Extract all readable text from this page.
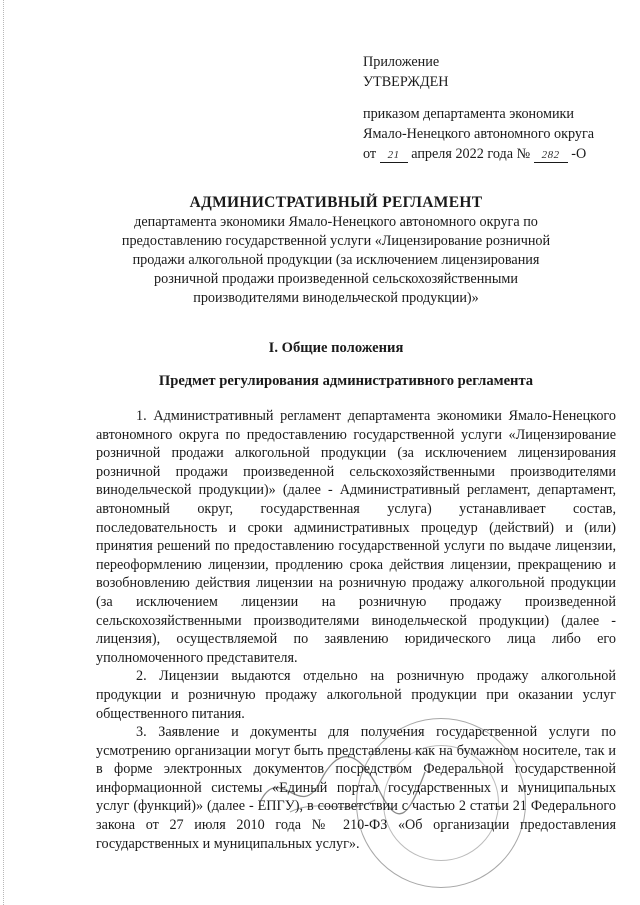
Приложение
УТВЕРЖДЕН
приказом департамента экономики
Ямало-Ненецкого автономного округа
от 21 апреля 2022 года № 282 -О
АДМИНИСТРАТИВНЫЙ РЕГЛАМЕНТ
департамента экономики Ямало-Ненецкого автономного округа по
предоставлению государственной услуги «Лицензирование розничной
продажи алкогольной продукции (за исключением лицензирования
розничной продажи произведенной сельскохозяйственными
производителями винодельческой продукции)»
I. Общие положения
Предмет регулирования административного регламента

1. Административный регламент департамента экономики Ямало-Ненецкого автономного округа по предоставлению государственной услуги «Лицензирование розничной продажи алкогольной продукции (за исключением лицензирования розничной продажи произведенной сельскохозяйственными производителями винодельческой продукции)» (далее - Административный регламент, департамент, автономный округ, государственная услуга) устанавливает состав, последовательность и сроки административных процедур (действий) и (или) принятия решений по предоставлению государственной услуги по выдаче лицензии, переоформлению лицензии, продлению срока действия лицензии, прекращению и возобновлению действия лицензии на розничную продажу алкогольной продукции (за исключением лицензии на розничную продажу произведенной сельскохозяйственными производителями винодельческой продукции) (далее - лицензия), осуществляемой по заявлению юридического лица либо его уполномоченного представителя.

2. Лицензии выдаются отдельно на розничную продажу алкогольной продукции и розничную продажу алкогольной продукции при оказании услуг общественного питания.

3. Заявление и документы для получения государственной услуги по усмотрению организации могут быть представлены как на бумажном носителе, так и в форме электронных документов посредством Федеральной государственной информационной системы «Единый портал государственных и муниципальных услуг (функций)» (далее - ЕПГУ), в соответствии с частью 2 статьи 21 Федерального закона от 27 июля 2010 года № 210-ФЗ «Об организации предоставления государственных и муниципальных услуг».
